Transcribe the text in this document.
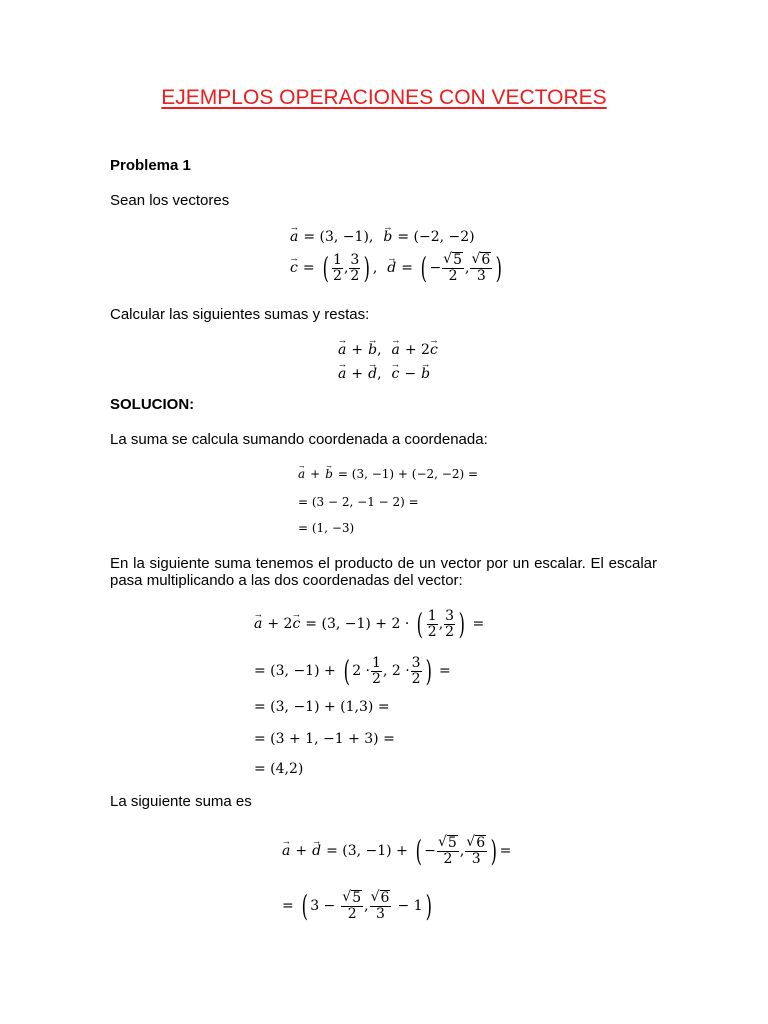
EJEMPLOS OPERACIONES CON VECTORES
Problema 1
Sean los vectores
→ a = (3, −1), → b = (−2, −2)
→ c = ( $\frac{1}{2}$ , $\frac{3}{2}$ ) , → d = ( − $\frac{√ 5}{2}$ , $\frac{√ 6}{3}$ )
Calcular las siguientes sumas y restas:
→ a + → b , → a + 2 → c
→ a + → d , → c − → b
SOLUCION:
La suma se calcula sumando coordenada a coordenada:
→ a + → b = (3, −1) + (−2, −2) =
= (3 − 2, −1 − 2) =
= (1, −3)
En la siguiente suma tenemos el producto de un vector por un escalar. El escalar pasa multiplicando a las dos coordenadas del vector:
→ a + 2 → c = (3, −1) + 2 · ( $\frac{1}{2}$ , $\frac{3}{2}$ ) =
= (3, −1) + ( $2 \cdot \frac{1}{2}$ , $2 \cdot \frac{3}{2}$ ) =
= (3, −1) + (1,3) =
= (3 + 1, −1 + 3) =
= (4,2)
La siguiente suma es
→ a + → d = (3, −1) + ( − $\frac{√ 5}{2}$ , $\frac{√ 6}{3}$ ) =
= ( $3 - \frac{√ 5}{2}$ , $\frac{√ 6}{3} - 1$ )
